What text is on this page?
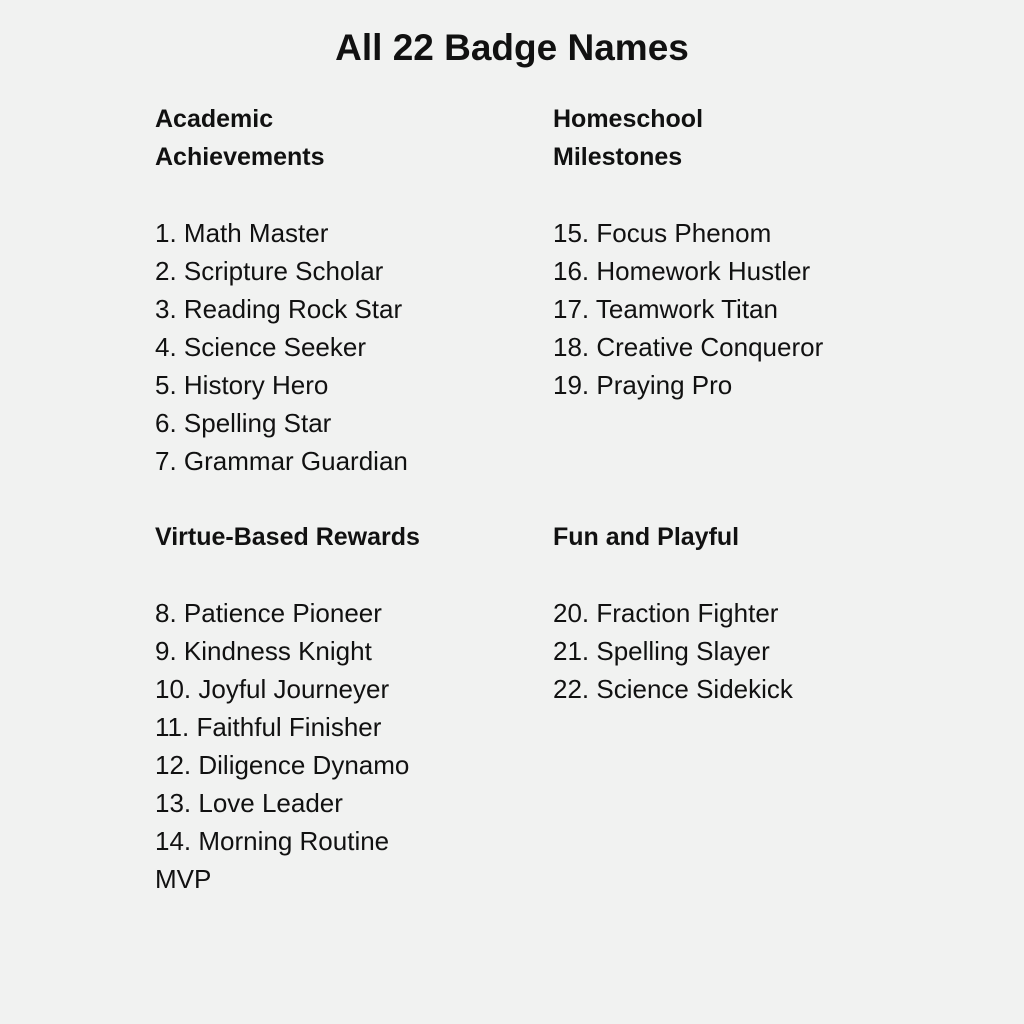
All 22 Badge Names
Academic Achievements
1. Math Master
2. Scripture Scholar
3. Reading Rock Star
4. Science Seeker
5. History Hero
6. Spelling Star
7. Grammar Guardian
Homeschool Milestones
15. Focus Phenom
16. Homework Hustler
17. Teamwork Titan
18. Creative Conqueror
19. Praying Pro
Virtue-Based Rewards
8. Patience Pioneer
9. Kindness Knight
10. Joyful Journeyer
11. Faithful Finisher
12. Diligence Dynamo
13. Love Leader
14. Morning Routine MVP
Fun and Playful
20. Fraction Fighter
21. Spelling Slayer
22. Science Sidekick
